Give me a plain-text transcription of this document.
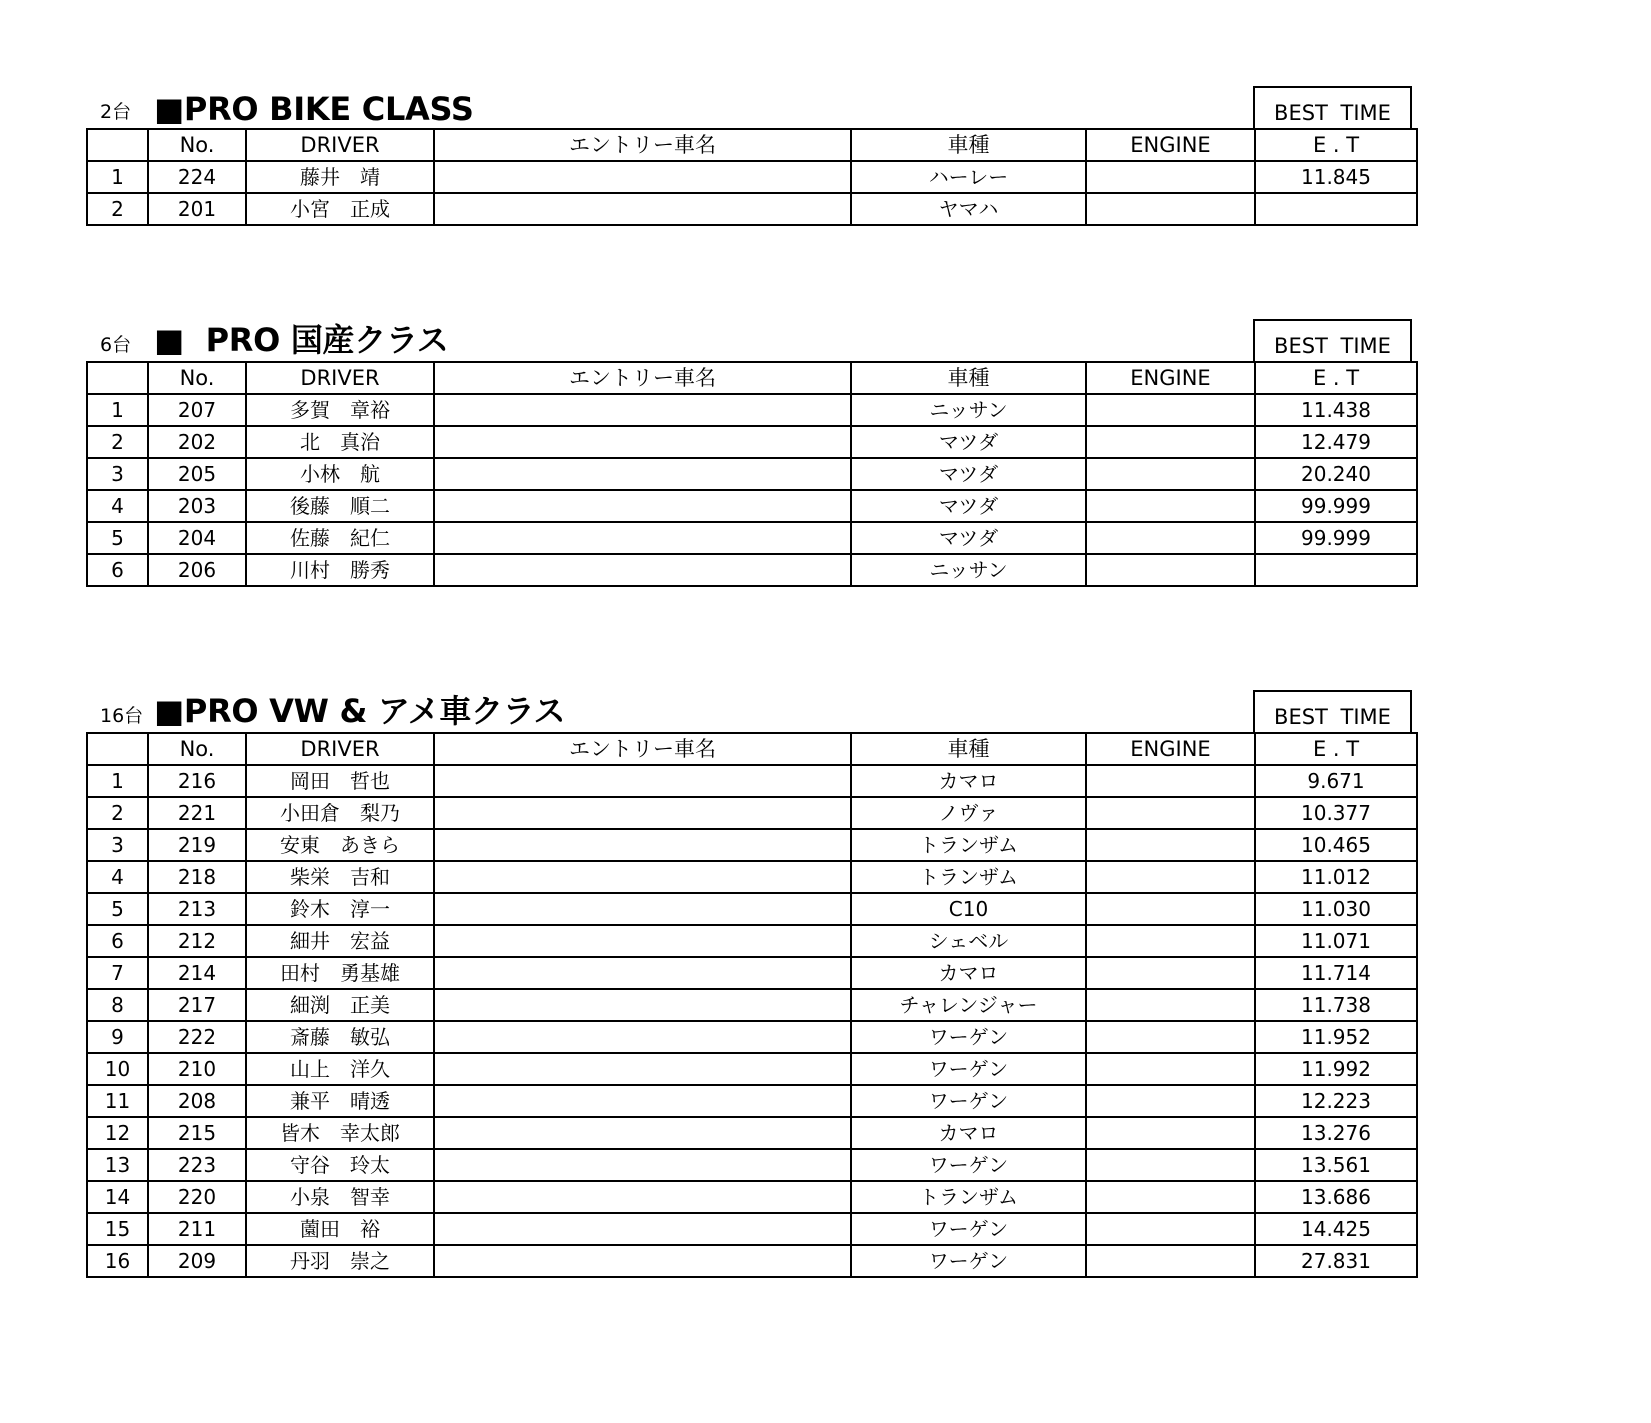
2台 ■PRO BIKE CLASS	BEST TIME
	No.	DRIVER	エントリー車名	車種	ENGINE	E . T
1	224	藤井　靖		ハーレー		11.845
2	201	小宮　正成		ヤマハ		
6台 ■  PRO 国産クラス	BEST TIME
	No.	DRIVER	エントリー車名	車種	ENGINE	E . T
1	207	多賀　章裕		ニッサン		11.438
2	202	北　真治		マツダ		12.479
3	205	小林　航		マツダ		20.240
4	203	後藤　順二		マツダ		99.999
5	204	佐藤　紀仁		マツダ		99.999
6	206	川村　勝秀		ニッサン		
16台 ■PRO VW & アメ車クラス	BEST TIME
	No.	DRIVER	エントリー車名	車種	ENGINE	E . T
1	216	岡田　哲也		カマロ		9.671
2	221	小田倉　梨乃		ノヴァ		10.377
3	219	安東　あきら		トランザム		10.465
4	218	柴栄　吉和		トランザム		11.012
5	213	鈴木　淳一		C10		11.030
6	212	細井　宏益		シェベル		11.071
7	214	田村　勇基雄		カマロ		11.714
8	217	細渕　正美		チャレンジャー		11.738
9	222	斎藤　敏弘		ワーゲン		11.952
10	210	山上　洋久		ワーゲン		11.992
11	208	兼平　晴透		ワーゲン		12.223
12	215	皆木　幸太郎		カマロ		13.276
13	223	守谷　玲太		ワーゲン		13.561
14	220	小泉　智幸		トランザム		13.686
15	211	薗田　裕		ワーゲン		14.425
16	209	丹羽　崇之		ワーゲン		27.831
